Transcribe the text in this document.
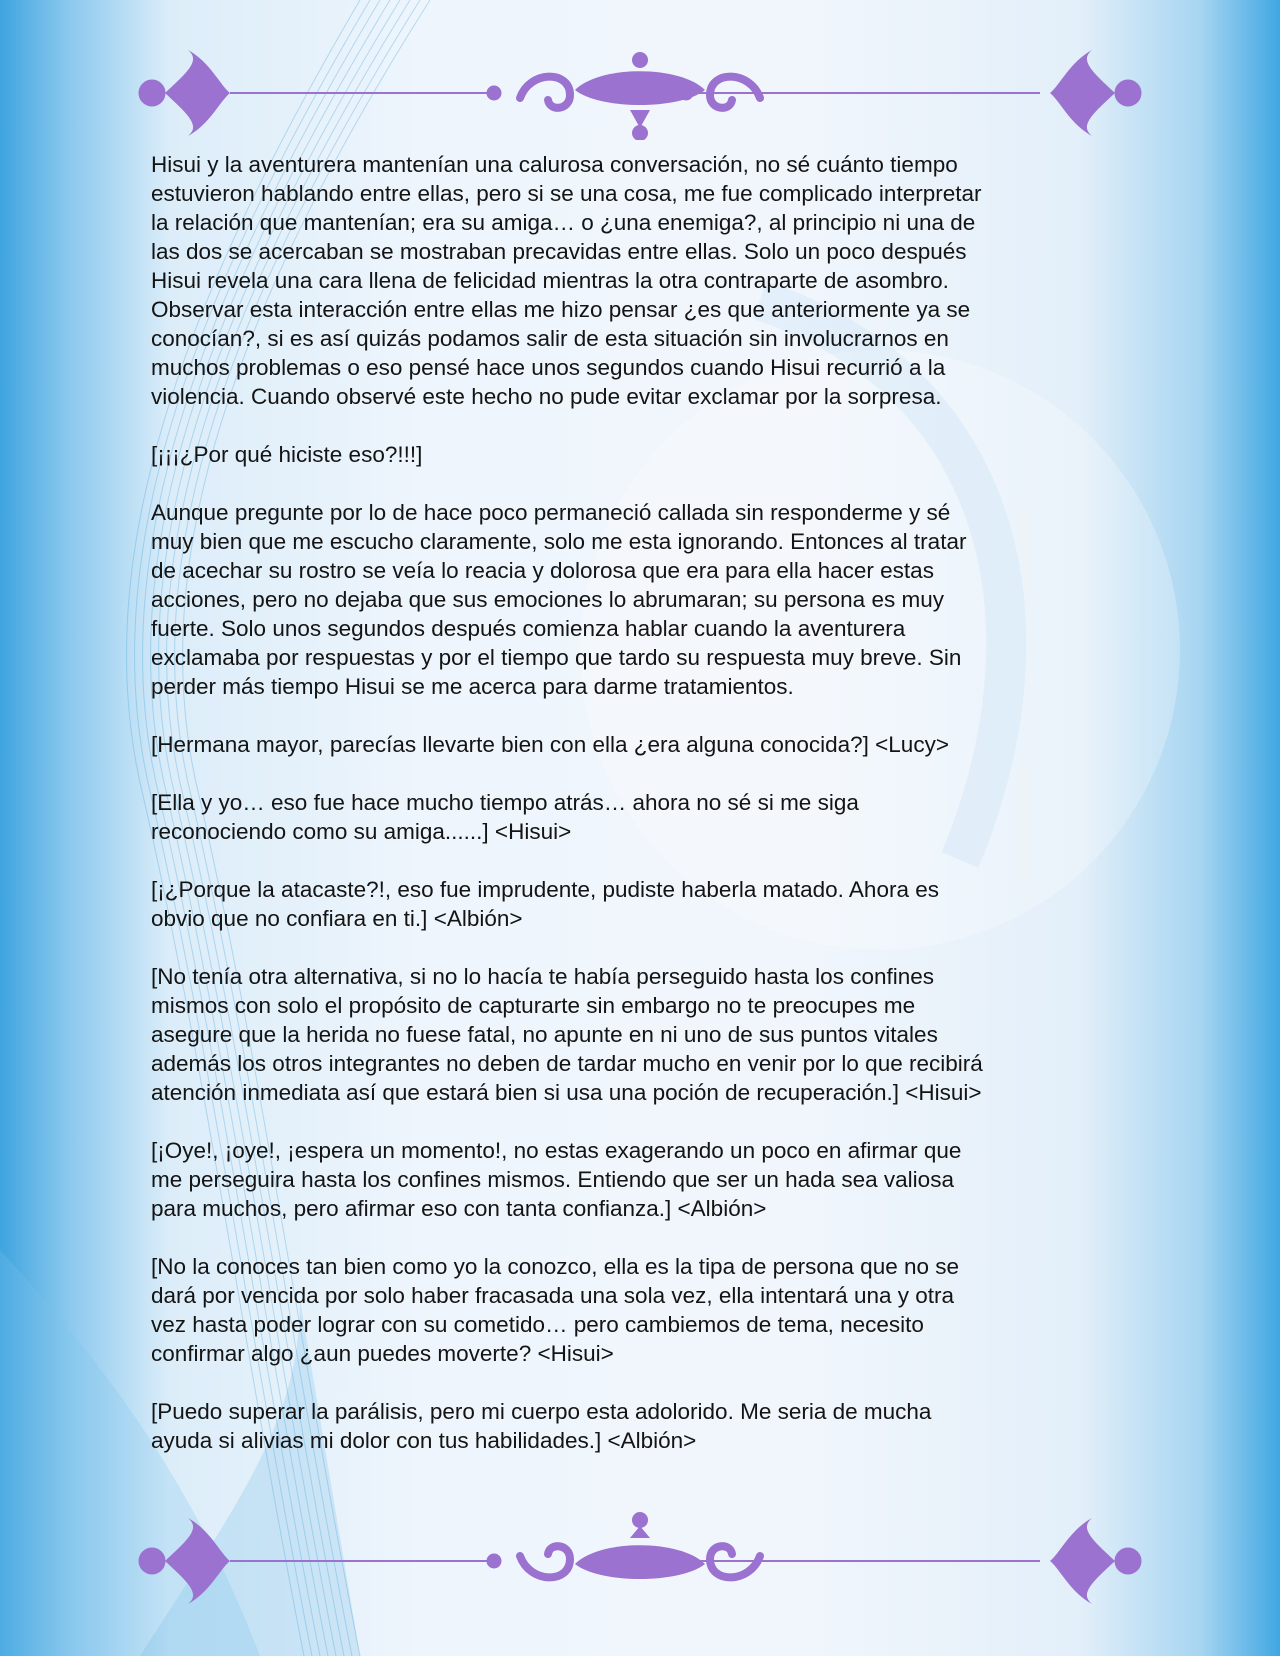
Hisui y la aventurera mantenían una calurosa conversación, no sé cuánto tiempo
estuvieron hablando entre ellas, pero si se una cosa, me fue complicado interpretar
la relación que mantenían; era su amiga… o ¿una enemiga?, al principio ni una de
las dos se acercaban se mostraban precavidas entre ellas. Solo un poco después
Hisui revela una cara llena de felicidad mientras la otra contraparte de asombro.
Observar esta interacción entre ellas me hizo pensar ¿es que anteriormente ya se
conocían?, si es así quizás podamos salir de esta situación sin involucrarnos en
muchos problemas o eso pensé hace unos segundos cuando Hisui recurrió a la
violencia. Cuando observé este hecho no pude evitar exclamar por la sorpresa.

[¡¡¡¿Por qué hiciste eso?!!!]

Aunque pregunte por lo de hace poco permaneció callada sin responderme y sé
muy bien que me escucho claramente, solo me esta ignorando. Entonces al tratar
de acechar su rostro se veía lo reacia y dolorosa que era para ella hacer estas
acciones, pero no dejaba que sus emociones lo abrumaran; su persona es muy
fuerte. Solo unos segundos después comienza hablar cuando la aventurera
exclamaba por respuestas y por el tiempo que tardo su respuesta muy breve. Sin
perder más tiempo Hisui se me acerca para darme tratamientos.

[Hermana mayor, parecías llevarte bien con ella ¿era alguna conocida?] <Lucy>

[Ella y yo… eso fue hace mucho tiempo atrás… ahora no sé si me siga
reconociendo como su amiga......] <Hisui>

[¡¿Porque la atacaste?!, eso fue imprudente, pudiste haberla matado. Ahora es
obvio que no confiara en ti.] <Albión>

[No tenía otra alternativa, si no lo hacía te había perseguido hasta los confines
mismos con solo el propósito de capturarte sin embargo no te preocupes me
asegure que la herida no fuese fatal, no apunte en ni uno de sus puntos vitales
además los otros integrantes no deben de tardar mucho en venir por lo que recibirá
atención inmediata así que estará bien si usa una poción de recuperación.] <Hisui>

[¡Oye!, ¡oye!, ¡espera un momento!, no estas exagerando un poco en afirmar que
me perseguira hasta los confines mismos. Entiendo que ser un hada sea valiosa
para muchos, pero afirmar eso con tanta confianza.] <Albión>

[No la conoces tan bien como yo la conozco, ella es la tipa de persona que no se
dará por vencida por solo haber fracasada una sola vez, ella intentará una y otra
vez hasta poder lograr con su cometido… pero cambiemos de tema, necesito
confirmar algo ¿aun puedes moverte? <Hisui>

[Puedo superar la parálisis, pero mi cuerpo esta adolorido. Me seria de mucha
ayuda si alivias mi dolor con tus habilidades.] <Albión>
